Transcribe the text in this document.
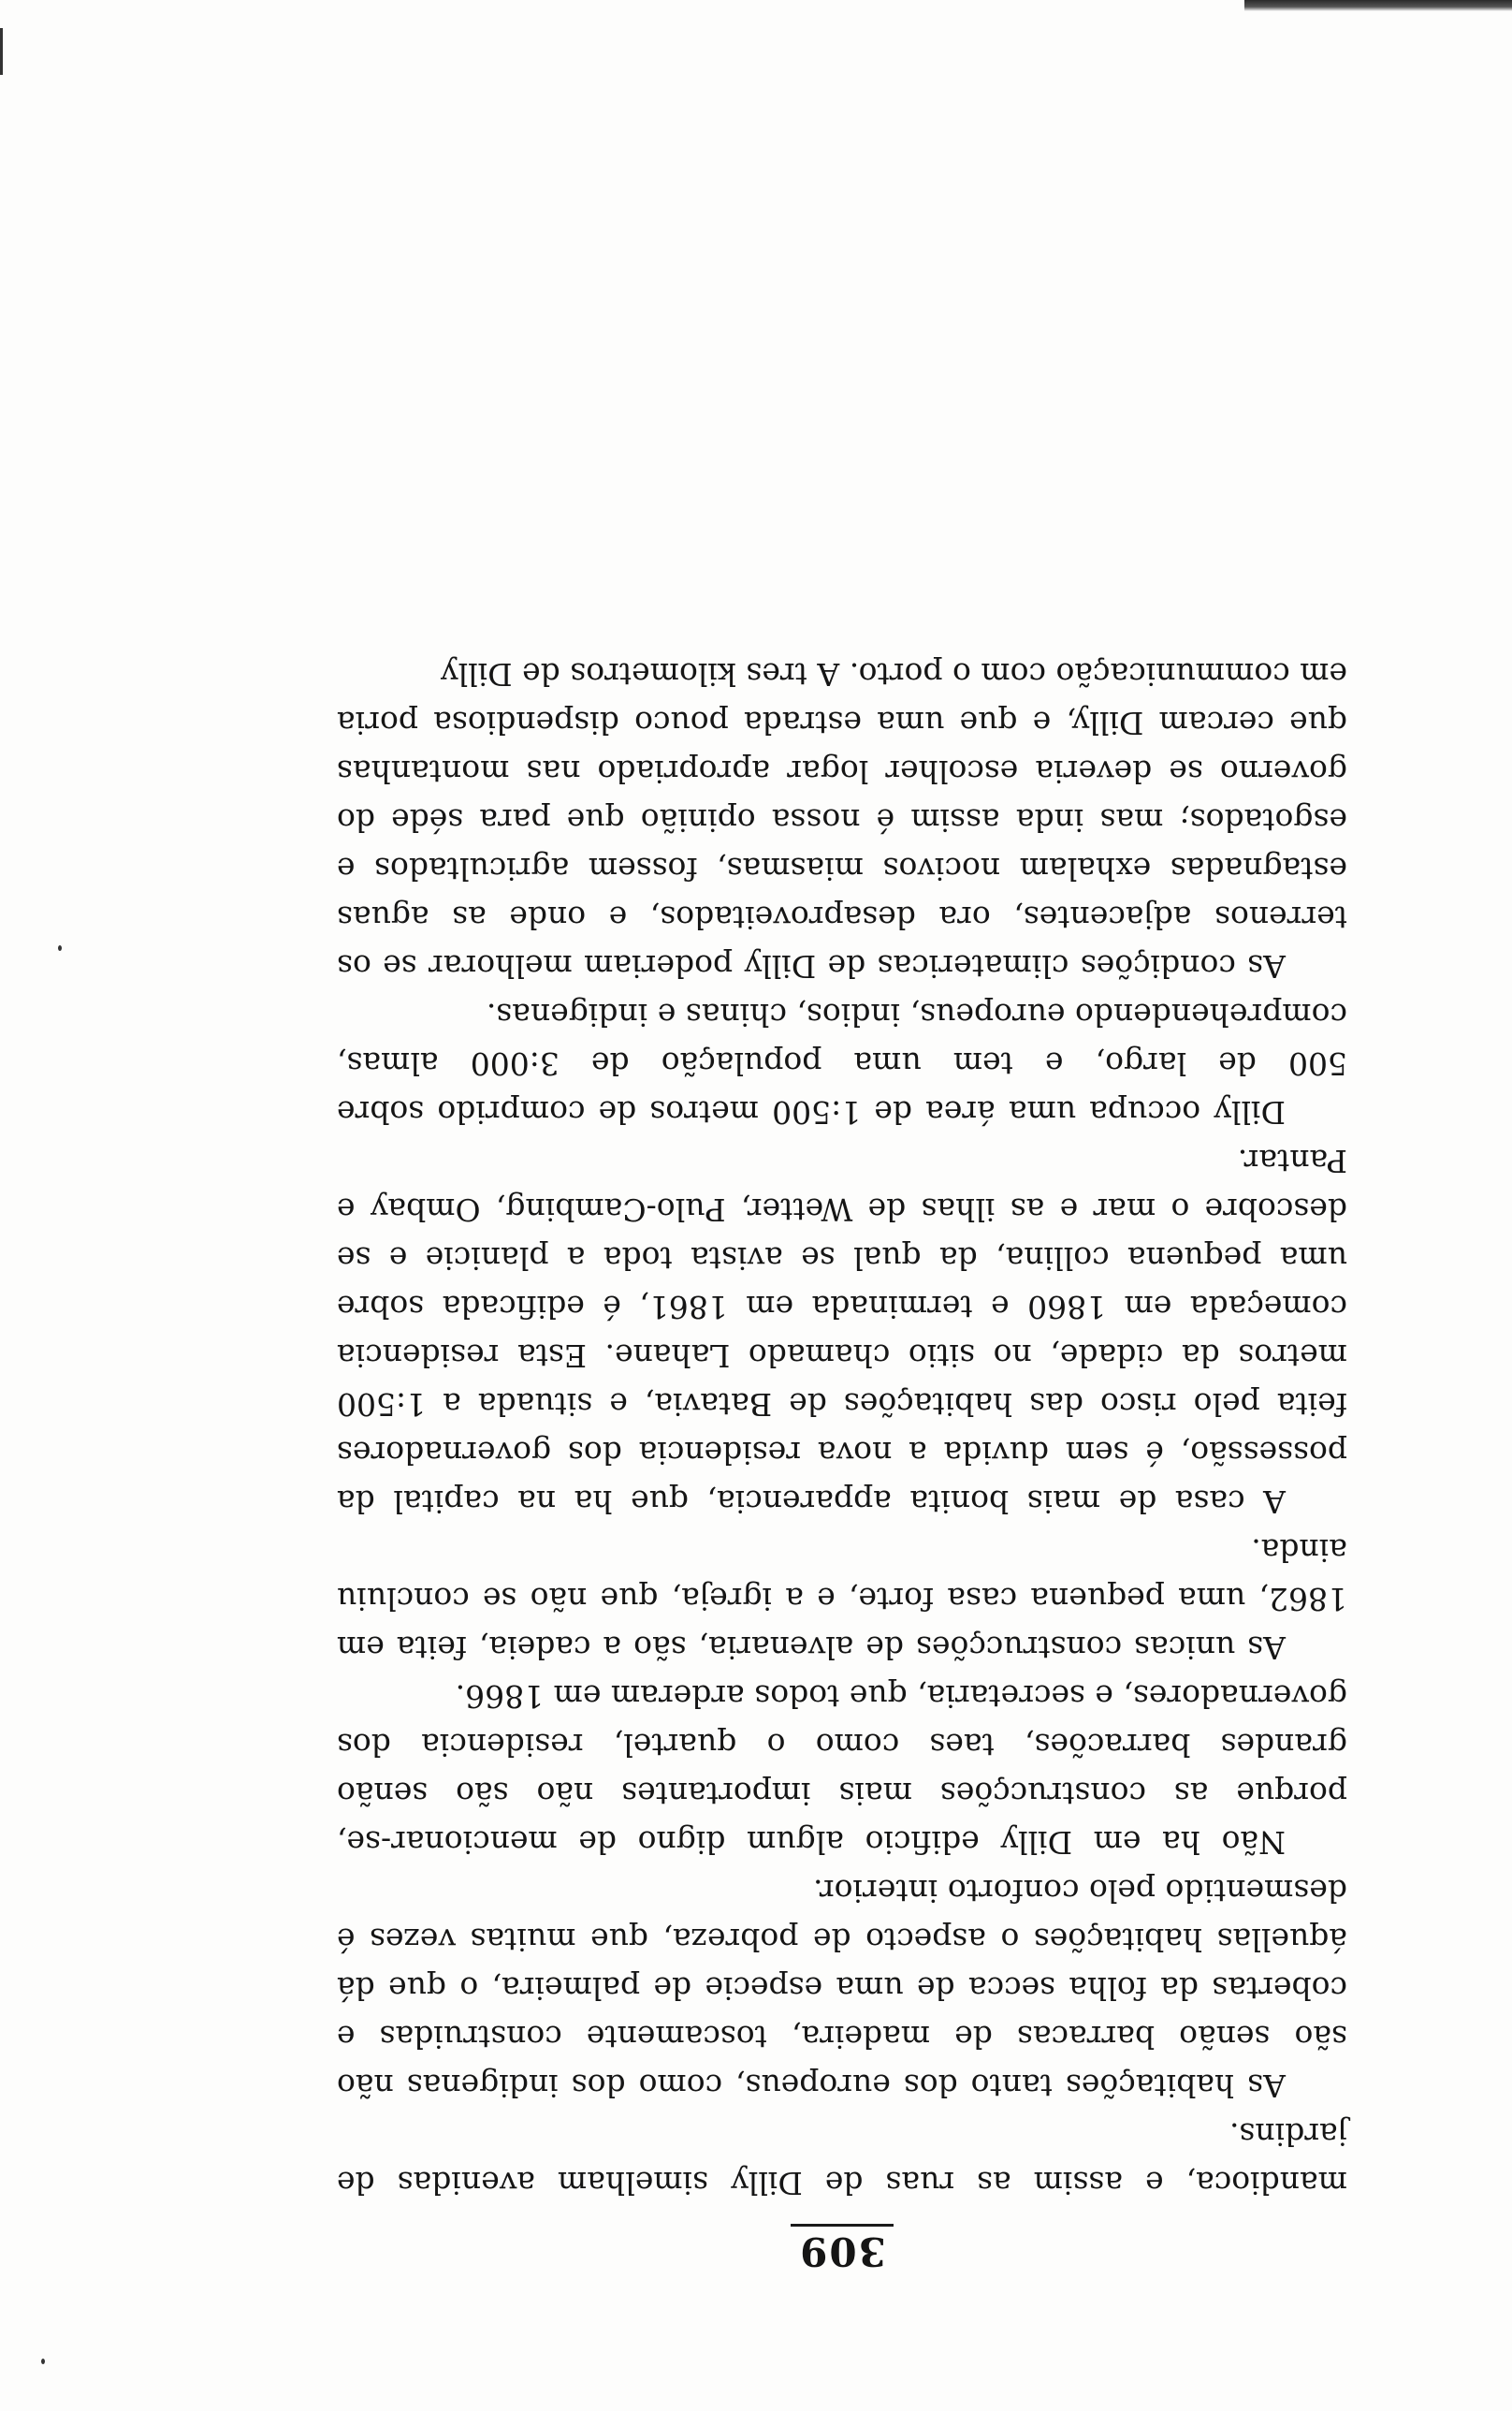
309

mandioca, e assim as ruas de Dilly simelham avenidas de jardins.

As habitações tanto dos europeus, como dos indigenas não são senão barracas de madeira, toscamente construidas e cobertas da folha secca de uma especie de palmeira, o que dá áquellas habitações o aspecto de pobreza, que muitas vezes é desmentido pelo conforto interior.

Não ha em Dilly edificio algum digno de mencionar-se, porque as construcções mais importantes não são senão grandes barracões, taes como o quartel, residencia dos governadores, e secretaria, que todos arderam em 1866.

As unicas construcções de alvenaria, são a cadeia, feita em 1862, uma pequena casa forte, e a igreja, que não se concluiu ainda.

A casa de mais bonita apparencia, que ha na capital da possessão, é sem duvida a nova residencia dos governadores feita pelo risco das habitações de Batavia, e situada a 1:500 metros da cidade, no sitio chamado Lahane. Esta residencia começada em 1860 e terminada em 1861, é edificada sobre uma pequena collina, da qual se avista toda a planicie e se descobre o mar e as ilhas de Wetter, Pulo-Cambing, Ombay e Pantar.

Dilly occupa uma área de 1:500 metros de comprido sobre 500 de largo, e tem uma população de 3:000 almas, comprehendendo europeus, indios, chinas e indigenas.

As condições climatericas de Dilly poderiam melhorar se os terrenos adjacentes, ora desaproveitados, e onde as aguas estagnadas exhalam nocivos miasmas, fossem agricultados e esgotados; mas inda assim é nossa opinião que para séde do governo se deveria escolher logar apropriado nas montanhas que cercam Dilly, e que uma estrada pouco dispendiosa poria em communicação com o porto. A tres kilometros de Dilly
